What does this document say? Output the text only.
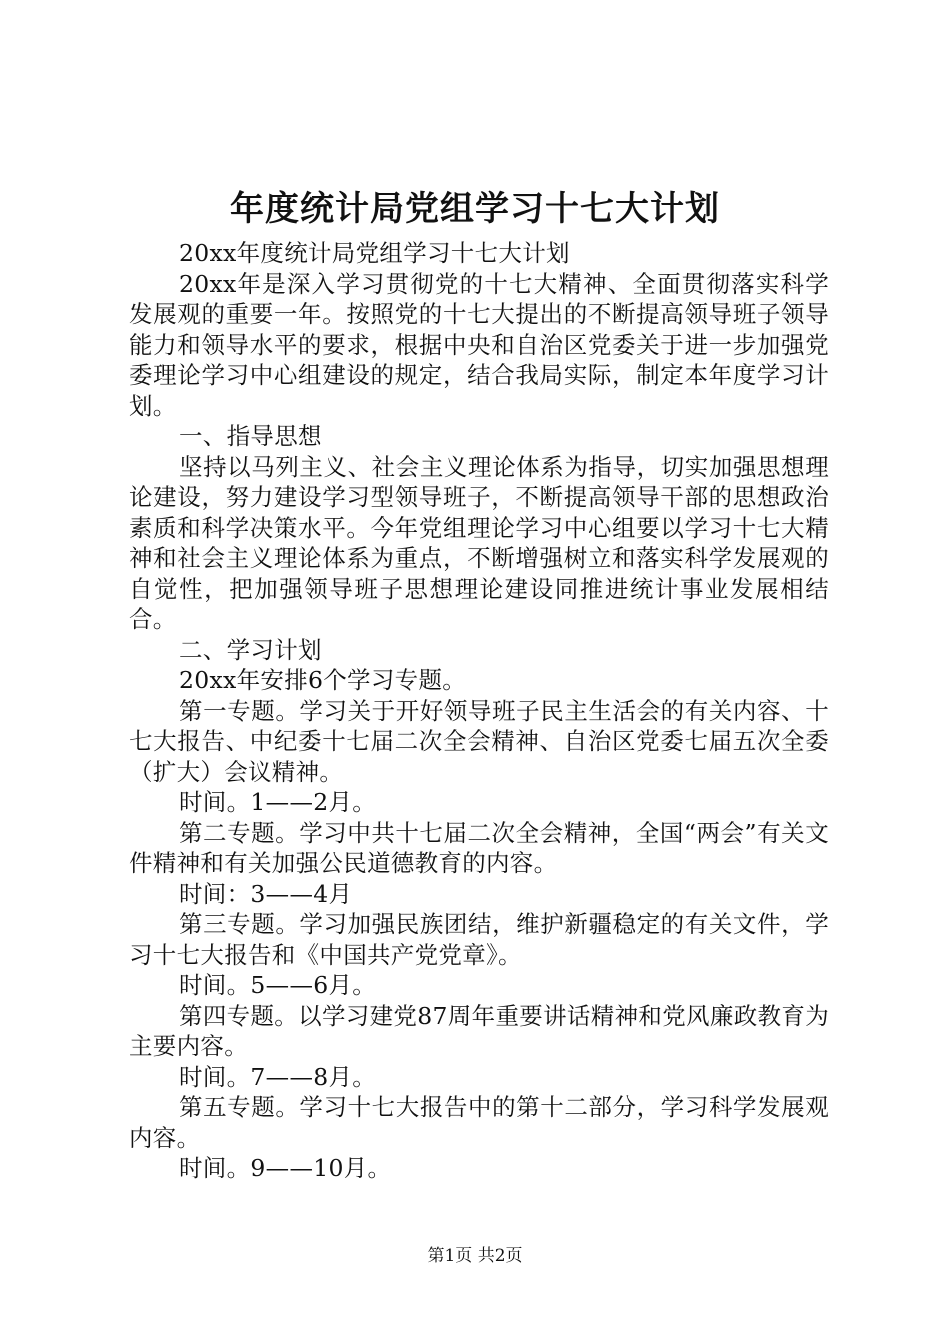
年度统计局党组学习十七大计划

20xx年度统计局党组学习十七大计划

20xx年是深入学习贯彻党的十七大精神、全面贯彻落实科学发展观的重要一年。按照党的十七大提出的不断提高领导班子领导能力和领导水平的要求，根据中央和自治区党委关于进一步加强党委理论学习中心组建设的规定，结合我局实际，制定本年度学习计划。

一、指导思想

坚持以马列主义、社会主义理论体系为指导，切实加强思想理论建设，努力建设学习型领导班子，不断提高领导干部的思想政治素质和科学决策水平。今年党组理论学习中心组要以学习十七大精神和社会主义理论体系为重点，不断增强树立和落实科学发展观的自觉性，把加强领导班子思想理论建设同推进统计事业发展相结合。

二、学习计划

20xx年安排6个学习专题。

第一专题。学习关于开好领导班子民主生活会的有关内容、十七大报告、中纪委十七届二次全会精神、自治区党委七届五次全委（扩大）会议精神。

时间。1——2月。

第二专题。学习中共十七届二次全会精神，全国“两会”有关文件精神和有关加强公民道德教育的内容。

时间：3——4月

第三专题。学习加强民族团结，维护新疆稳定的有关文件，学习十七大报告和《中国共产党党章》。

时间。5——6月。

第四专题。以学习建党87周年重要讲话精神和党风廉政教育为主要内容。

时间。7——8月。

第五专题。学习十七大报告中的第十二部分，学习科学发展观内容。

时间。9——10月。

第1页 共2页
